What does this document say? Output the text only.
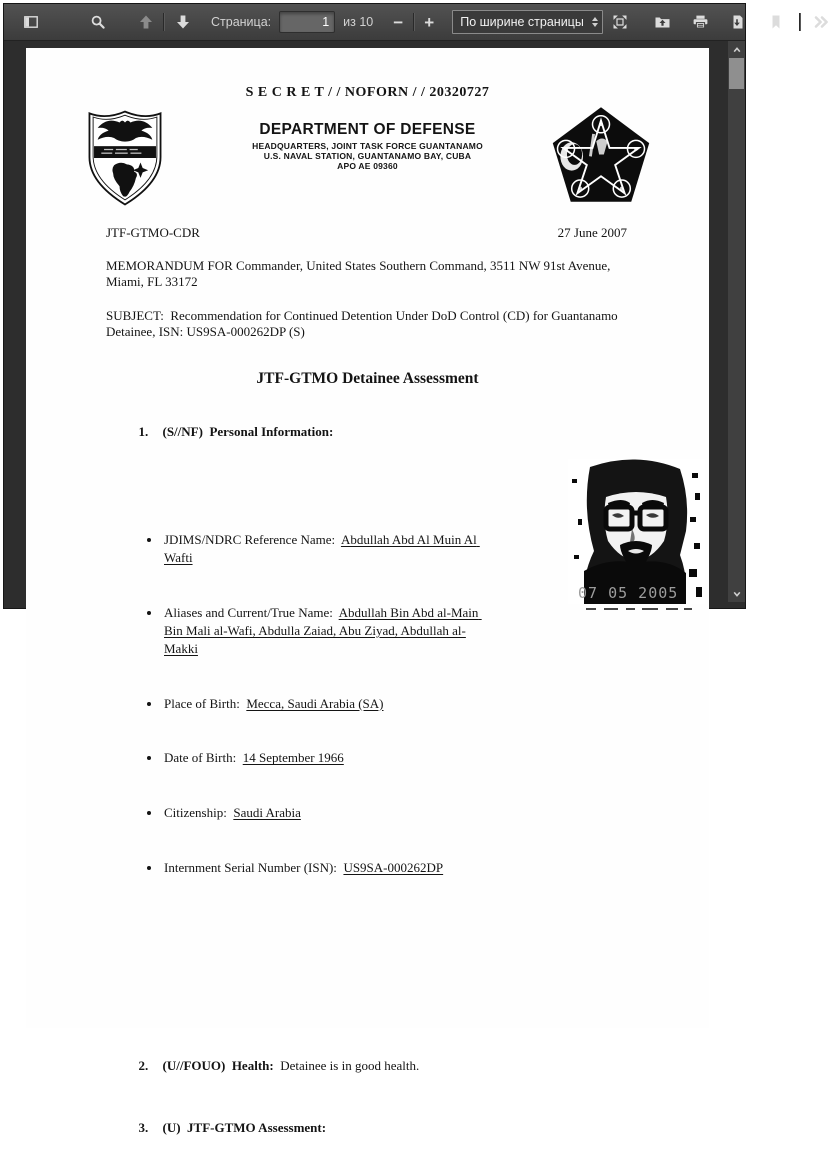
Страница:
1	из 10 − + По ширине страницы
S E C R E T / / NOFORN / / 20320727
DEPARTMENT OF DEFENSE
HEADQUARTERS, JOINT TASK FORCE GUANTANAMO
U.S. NAVAL STATION, GUANTANAMO BAY, CUBA
APO AE 09360
JTF-GTMO-CDR	27 June 2007
MEMORANDUM FOR Commander, United States Southern Command, 3511 NW 91st Avenue, Miami, FL 33172
SUBJECT:  Recommendation for Continued Detention Under DoD Control (CD) for Guantanamo Detainee, ISN: US9SA-000262DP (S)
JTF-GTMO Detainee Assessment

1. (S//NF)  Personal Information:

• JDIMS/NDRC Reference Name: Abdullah Abd Al Muin Al Wafti

• Aliases and Current/True Name: Abdullah Bin Abd al-Main Bin Mali al-Wafi, Abdulla Zaiad, Abu Ziyad, Abdullah al-Makki

• Place of Birth: Mecca, Saudi Arabia (SA)

• Date of Birth: 14 September 1966

• Citizenship: Saudi Arabia

• Internment Serial Number (ISN): US9SA-000262DP

07 05 2005

2. (U//FOUO)  Health:  Detainee is in good health.

3. (U)  JTF-GTMO Assessment:
